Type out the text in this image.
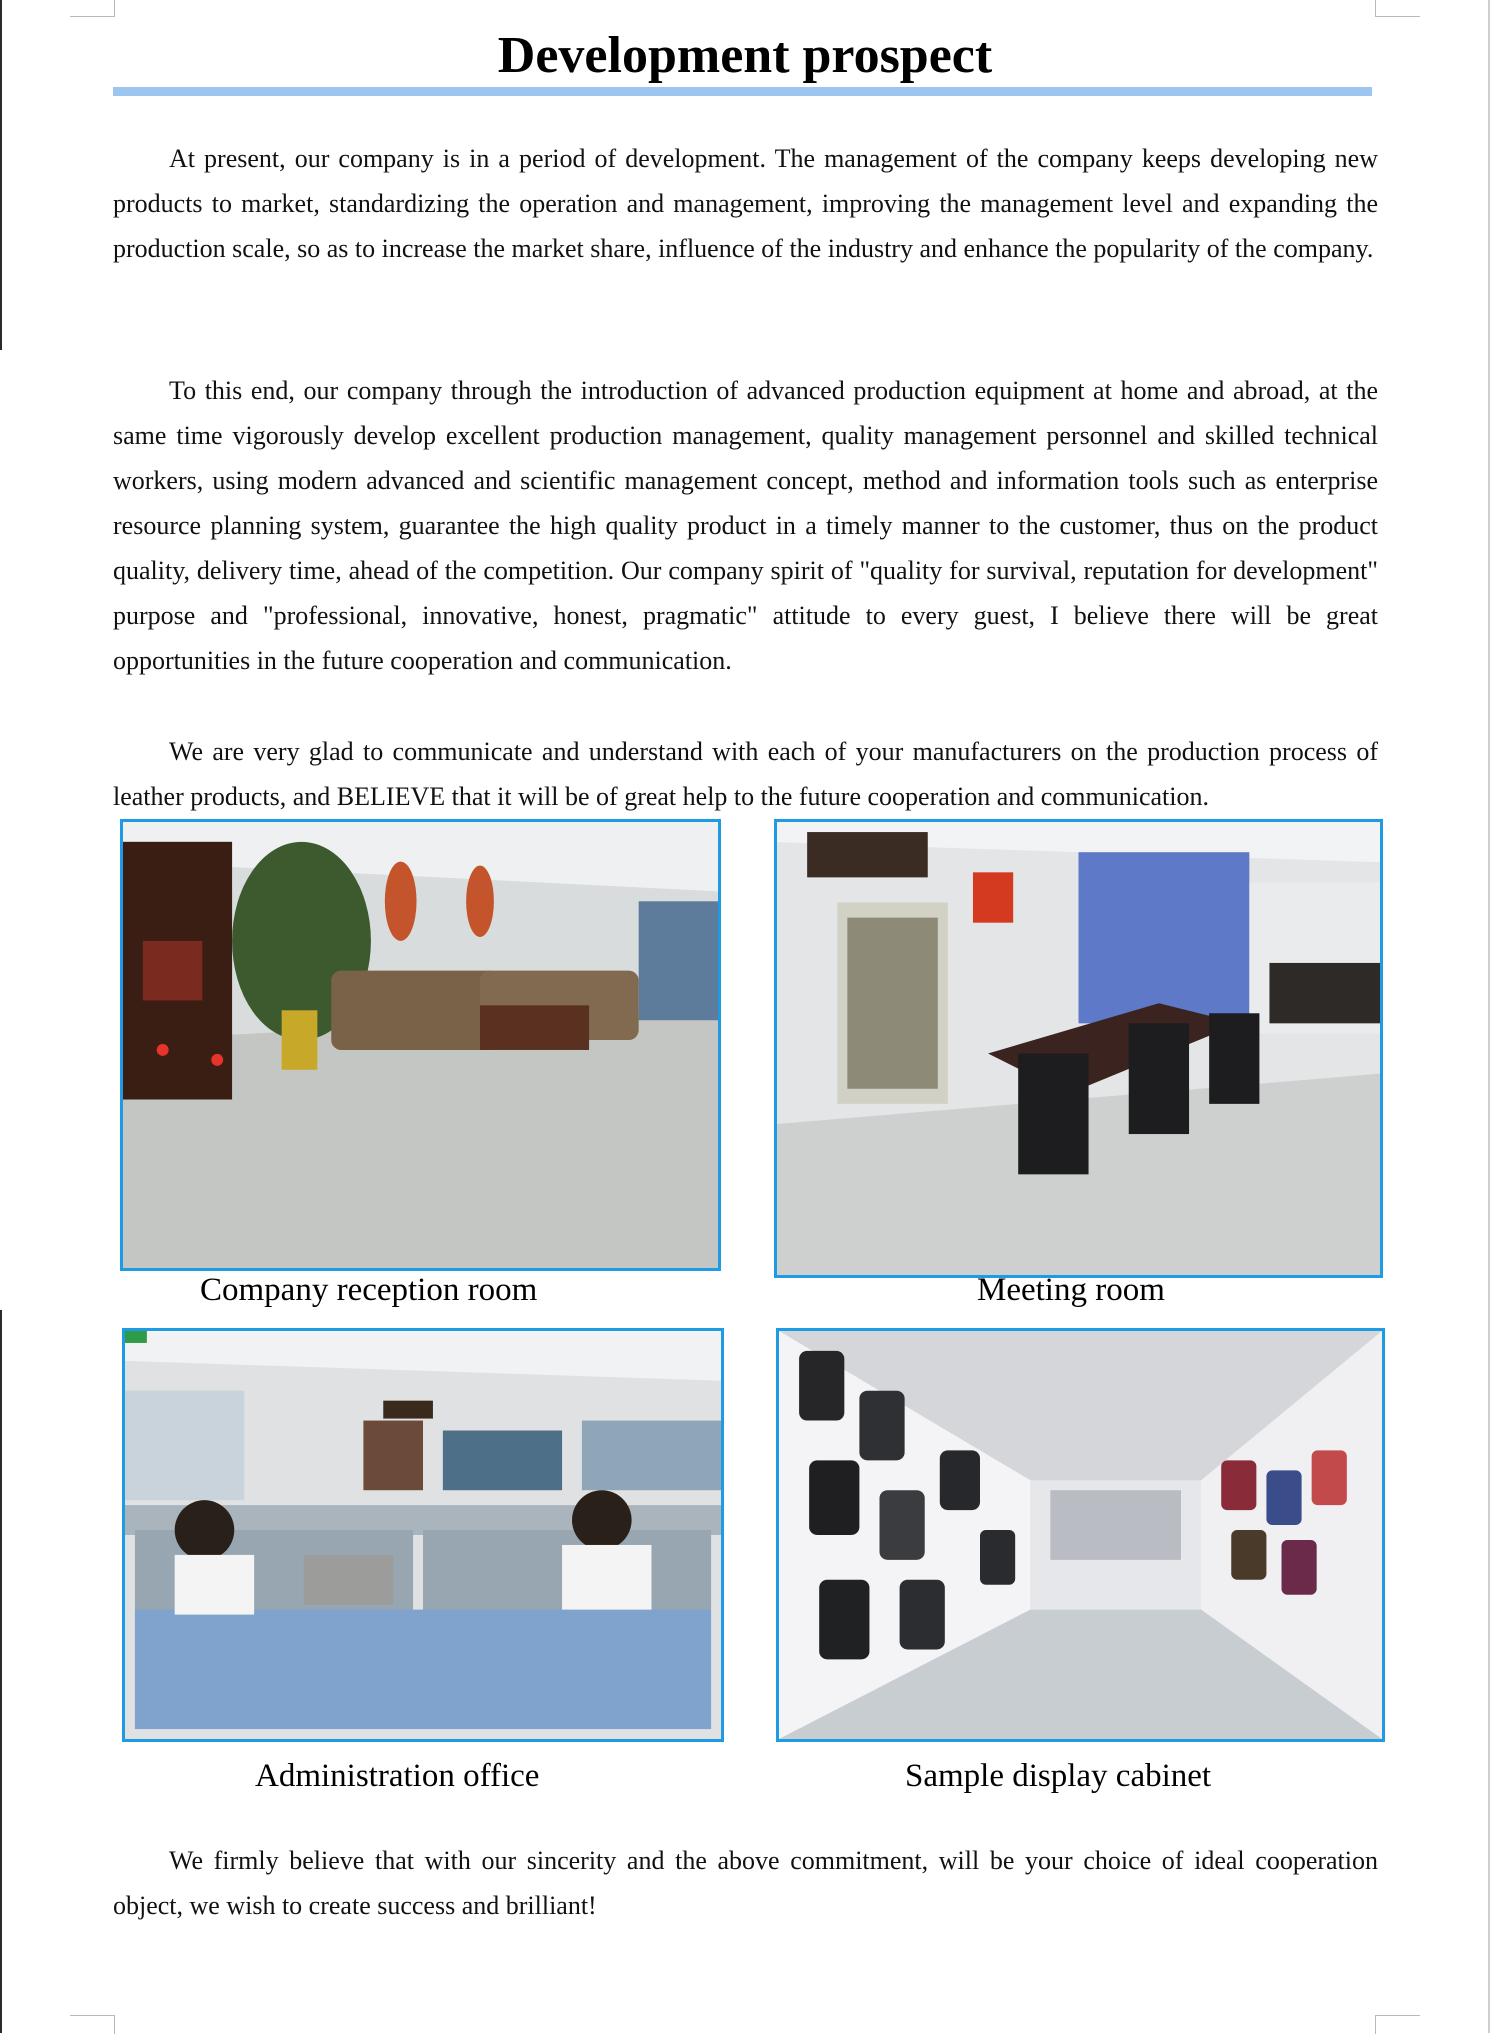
Development prospect

At present, our company is in a period of development. The management of the company keeps developing new products to market, standardizing the operation and management, improving the management level and expanding the production scale, so as to increase the market share, influence of the industry and enhance the popularity of the company.

To this end, our company through the introduction of advanced production equipment at home and abroad, at the same time vigorously develop excellent production management, quality management personnel and skilled technical workers, using modern advanced and scientific management concept, method and information tools such as enterprise resource planning system, guarantee the high quality product in a timely manner to the customer, thus on the product quality, delivery time, ahead of the competition. Our company spirit of "quality for survival, reputation for development" purpose and "professional, innovative, honest, pragmatic" attitude to every guest, I believe there will be great opportunities in the future cooperation and communication.

We are very glad to communicate and understand with each of your manufacturers on the production process of leather products, and BELIEVE that it will be of great help to the future cooperation and communication.

Company reception room	Meeting room
Administration office	Sample display cabinet

We firmly believe that with our sincerity and the above commitment, will be your choice of ideal cooperation object, we wish to create success and brilliant!
